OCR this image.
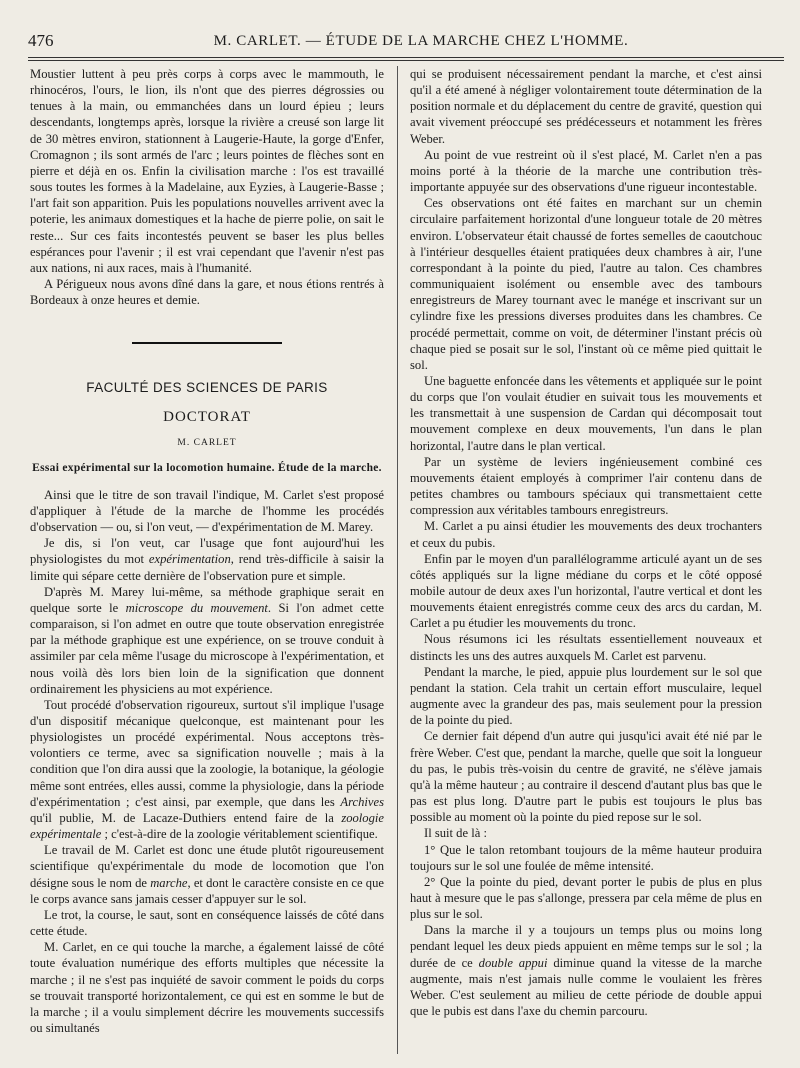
476	M. CARLET. — ÉTUDE DE LA MARCHE CHEZ L'HOMME.

Moustier luttent à peu près corps à corps avec le mammouth, le rhinocéros, l'ours, le lion, ils n'ont que des pierres dégrossies ou tenues à la main, ou emmanchées dans un lourd épieu ; leurs descendants, longtemps après, lorsque la rivière a creusé son large lit de 30 mètres environ, stationnent à Laugerie-Haute, la gorge d'Enfer, Cromagnon ; ils sont armés de l'arc ; leurs pointes de flèches sont en pierre et déjà en os. Enfin la civilisation marche : l'os est travaillé sous toutes les formes à la Madelaine, aux Eyzies, à Laugerie-Basse ; l'art fait son apparition. Puis les populations nouvelles arrivent avec la poterie, les animaux domestiques et la hache de pierre polie, on sait le reste... Sur ces faits incontestés peuvent se baser les plus belles espérances pour l'avenir ; il est vrai cependant que l'avenir n'est pas aux nations, ni aux races, mais à l'humanité.

A Périgueux nous avons dîné dans la gare, et nous étions rentrés à Bordeaux à onze heures et demie.

FACULTÉ DES SCIENCES DE PARIS
DOCTORAT
M. CARLET
Essai expérimental sur la locomotion humaine. Étude de la marche.

Ainsi que le titre de son travail l'indique, M. Carlet s'est proposé d'appliquer à l'étude de la marche de l'homme les procédés d'observation — ou, si l'on veut, — d'expérimentation de M. Marey.

Je dis, si l'on veut, car l'usage que font aujourd'hui les physiologistes du mot expérimentation, rend très-difficile à saisir la limite qui sépare cette dernière de l'observation pure et simple.

D'après M. Marey lui-même, sa méthode graphique serait en quelque sorte le microscope du mouvement. Si l'on admet cette comparaison, si l'on admet en outre que toute observation enregistrée par la méthode graphique est une expérience, on se trouve conduit à assimiler par cela même l'usage du microscope à l'expérimentation, et nous voilà dès lors bien loin de la signification que donnent ordinairement les physiciens au mot expérience.

Tout procédé d'observation rigoureux, surtout s'il implique l'usage d'un dispositif mécanique quelconque, est maintenant pour les physiologistes un procédé expérimental. Nous acceptons très-volontiers ce terme, avec sa signification nouvelle ; mais à la condition que l'on dira aussi que la zoologie, la botanique, la géologie même sont entrées, elles aussi, comme la physiologie, dans la période d'expérimentation ; c'est ainsi, par exemple, que dans les Archives qu'il publie, M. de Lacaze-Duthiers entend faire de la zoologie expérimentale ; c'est-à-dire de la zoologie véritablement scientifique.

Le travail de M. Carlet est donc une étude plutôt rigoureusement scientifique qu'expérimentale du mode de locomotion que l'on désigne sous le nom de marche, et dont le caractère consiste en ce que le corps avance sans jamais cesser d'appuyer sur le sol.

Le trot, la course, le saut, sont en conséquence laissés de côté dans cette étude.

M. Carlet, en ce qui touche la marche, a également laissé de côté toute évaluation numérique des efforts multiples que nécessite la marche ; il ne s'est pas inquiété de savoir comment le poids du corps se trouvait transporté horizontalement, ce qui est en somme le but de la marche ; il a voulu simplement décrire les mouvements successifs ou simultanés

qui se produisent nécessairement pendant la marche, et c'est ainsi qu'il a été amené à négliger volontairement toute détermination de la position normale et du déplacement du centre de gravité, question qui avait vivement préoccupé ses prédécesseurs et notamment les frères Weber.

Au point de vue restreint où il s'est placé, M. Carlet n'en a pas moins porté à la théorie de la marche une contribution très-importante appuyée sur des observations d'une rigueur incontestable.

Ces observations ont été faites en marchant sur un chemin circulaire parfaitement horizontal d'une longueur totale de 20 mètres environ. L'observateur était chaussé de fortes semelles de caoutchouc à l'intérieur desquelles étaient pratiquées deux chambres à air, l'une correspondant à la pointe du pied, l'autre au talon. Ces chambres communiquaient isolément ou ensemble avec des tambours enregistreurs de Marey tournant avec le manége et inscrivant sur un cylindre fixe les pressions diverses produites dans les chambres. Ce procédé permettait, comme on voit, de déterminer l'instant précis où chaque pied se posait sur le sol, l'instant où ce même pied quittait le sol.

Une baguette enfoncée dans les vêtements et appliquée sur le point du corps que l'on voulait étudier en suivait tous les mouvements et les transmettait à une suspension de Cardan qui décomposait tout mouvement complexe en deux mouvements, l'un dans le plan horizontal, l'autre dans le plan vertical.

Par un système de leviers ingénieusement combiné ces mouvements étaient employés à comprimer l'air contenu dans de petites chambres ou tambours spéciaux qui transmettaient cette compression aux véritables tambours enregistreurs.

M. Carlet a pu ainsi étudier les mouvements des deux trochanters et ceux du pubis.

Enfin par le moyen d'un parallélogramme articulé ayant un de ses côtés appliqués sur la ligne médiane du corps et le côté opposé mobile autour de deux axes l'un horizontal, l'autre vertical et dont les mouvements étaient enregistrés comme ceux des arcs du cardan, M. Carlet a pu étudier les mouvements du tronc.

Nous résumons ici les résultats essentiellement nouveaux et distincts les uns des autres auxquels M. Carlet est parvenu.

Pendant la marche, le pied, appuie plus lourdement sur le sol que pendant la station. Cela trahit un certain effort musculaire, lequel augmente avec la grandeur des pas, mais seulement pour la pression de la pointe du pied.

Ce dernier fait dépend d'un autre qui jusqu'ici avait été nié par le frère Weber. C'est que, pendant la marche, quelle que soit la longueur du pas, le pubis très-voisin du centre de gravité, ne s'élève jamais qu'à la même hauteur ; au contraire il descend d'autant plus bas que le pas est plus long. D'autre part le pubis est toujours le plus bas possible au moment où la pointe du pied repose sur le sol.

Il suit de là :

1° Que le talon retombant toujours de la même hauteur produira toujours sur le sol une foulée de même intensité.

2° Que la pointe du pied, devant porter le pubis de plus en plus haut à mesure que le pas s'allonge, pressera par cela même de plus en plus sur le sol.

Dans la marche il y a toujours un temps plus ou moins long pendant lequel les deux pieds appuient en même temps sur le sol ; la durée de ce double appui diminue quand la vitesse de la marche augmente, mais n'est jamais nulle comme le voulaient les frères Weber. C'est seulement au milieu de cette période de double appui que le pubis est dans l'axe du chemin parcouru.
